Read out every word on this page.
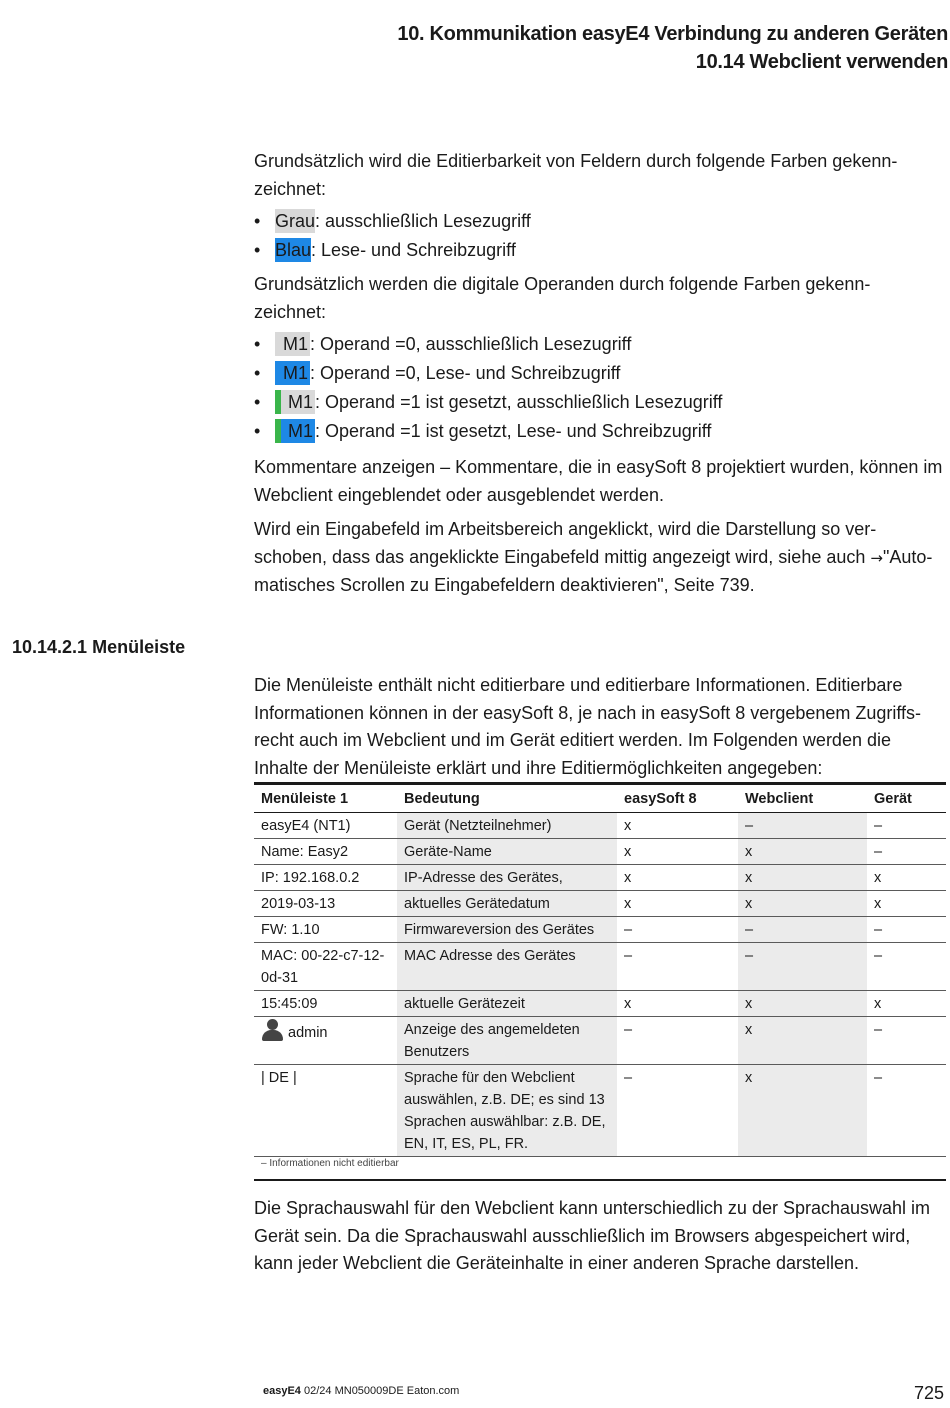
10. Kommunikation easyE4 Verbindung zu anderen Geräten
10.14 Webclient verwenden

Grundsätzlich wird die Editierbarkeit von Feldern durch folgende Farben gekenn-zeichnet:

• Grau: ausschließlich Lesezugriff
• Blau: Lese- und Schreibzugriff

Grundsätzlich werden die digitale Operanden durch folgende Farben gekenn-zeichnet:

• M1 : Operand =0, ausschließlich Lesezugriff
• M1 : Operand =0, Lese- und Schreibzugriff
• M1 : Operand =1 ist gesetzt, ausschließlich Lesezugriff
• M1 : Operand =1 ist gesetzt, Lese- und Schreibzugriff

Kommentare anzeigen – Kommentare, die in easySoft 8 projektiert wurden, können im Webclient eingeblendet oder ausgeblendet werden.

Wird ein Eingabefeld im Arbeitsbereich angeklickt, wird die Darstellung so ver-schoben, dass das angeklickte Eingabefeld mittig angezeigt wird, siehe auch →"Auto-matisches Scrollen zu Eingabefeldern deaktivieren", Seite 739.

10.14.2.1 Menüleiste

Die Menüleiste enthält nicht editierbare und editierbare Informationen. Editierbare Informationen können in der easySoft 8, je nach in easySoft 8 vergebenem Zugriffs-recht auch im Webclient und im Gerät editiert werden. Im Folgenden werden die Inhalte der Menüleiste erklärt und ihre Editiermöglichkeiten angegeben:

Menüleiste 1	Bedeutung	easySoft 8	Webclient	Gerät
easyE4 (NT1)	Gerät (Netzteilnehmer)	x	–	–
Name: Easy2	Geräte-Name	x	x	–
IP: 192.168.0.2	IP-Adresse des Gerätes,	x	x	x
2019-03-13	aktuelles Gerätedatum	x	x	x
FW: 1.10	Firmwareversion des Gerätes	–	–	–
MAC: 00-22-c7-12-0d-31	MAC Adresse des Gerätes	–	–	–
15:45:09	aktuelle Gerätezeit	x	x	x

admin	Anzeige des angemeldeten Benutzers	–	x	–
| DE |	Sprache für den Webclient auswählen, z.B. DE; es sind 13 Sprachen auswählbar: z.B. DE, EN, IT, ES, PL, FR.	–	x	–
– Informationen nicht editierbar				

Die Sprachauswahl für den Webclient kann unterschiedlich zu der Sprachauswahl im Gerät sein. Da die Sprachauswahl ausschließlich im Browsers abgespeichert wird, kann jeder Webclient die Geräteinhalte in einer anderen Sprache darstellen.

easyE4 02/24 MN050009DE Eaton.com	725
